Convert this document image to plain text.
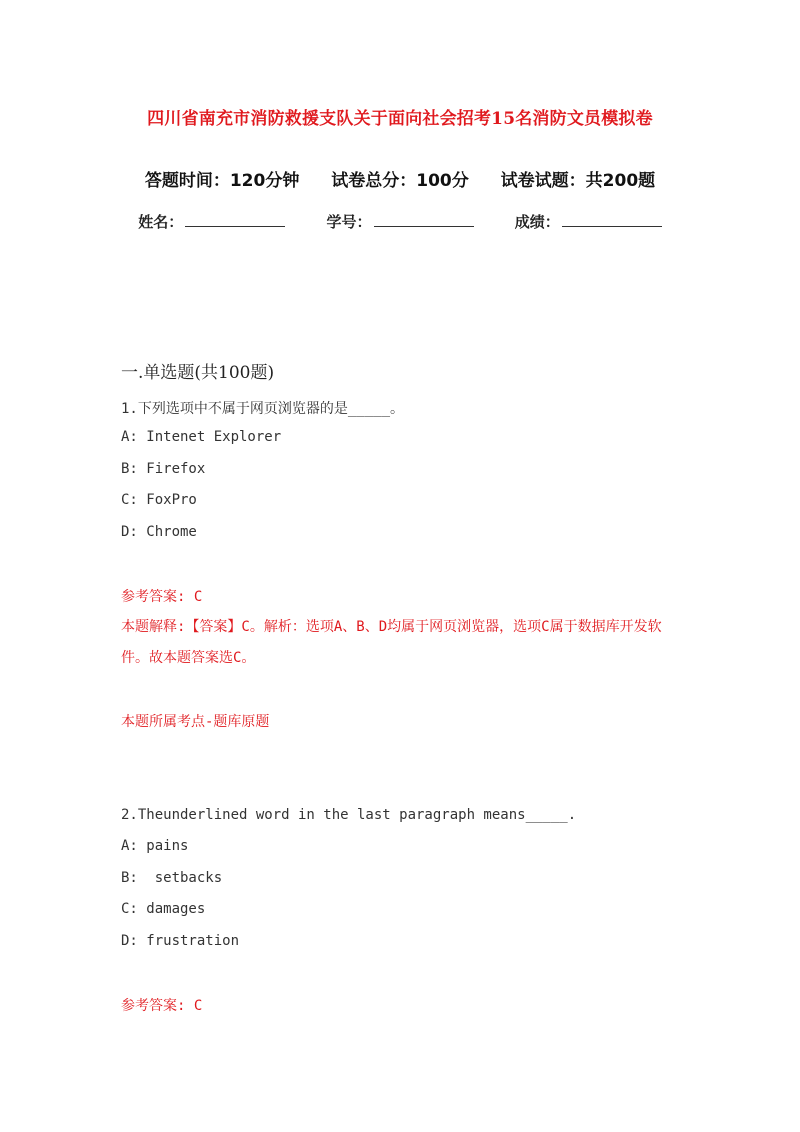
四川省南充市消防救援支队关于面向社会招考15名消防文员模拟卷
答题时间：120分钟 试卷总分：100分 试卷试题：共200题
姓名：	学号：	成绩：
一.单选题(共100题)
1.下列选项中不属于网页浏览器的是_____。
A: Intenet Explorer
B: Firefox
C: FoxPro
D: Chrome
参考答案: C
本题解释:【答案】C。解析：选项A、B、D均属于网页浏览器，选项C属于数据库开发软件。故本题答案选C。
本题所属考点-题库原题
2.Theunderlined word in the last paragraph means_____.
A: pains
B:  setbacks
C: damages
D: frustration
参考答案: C
